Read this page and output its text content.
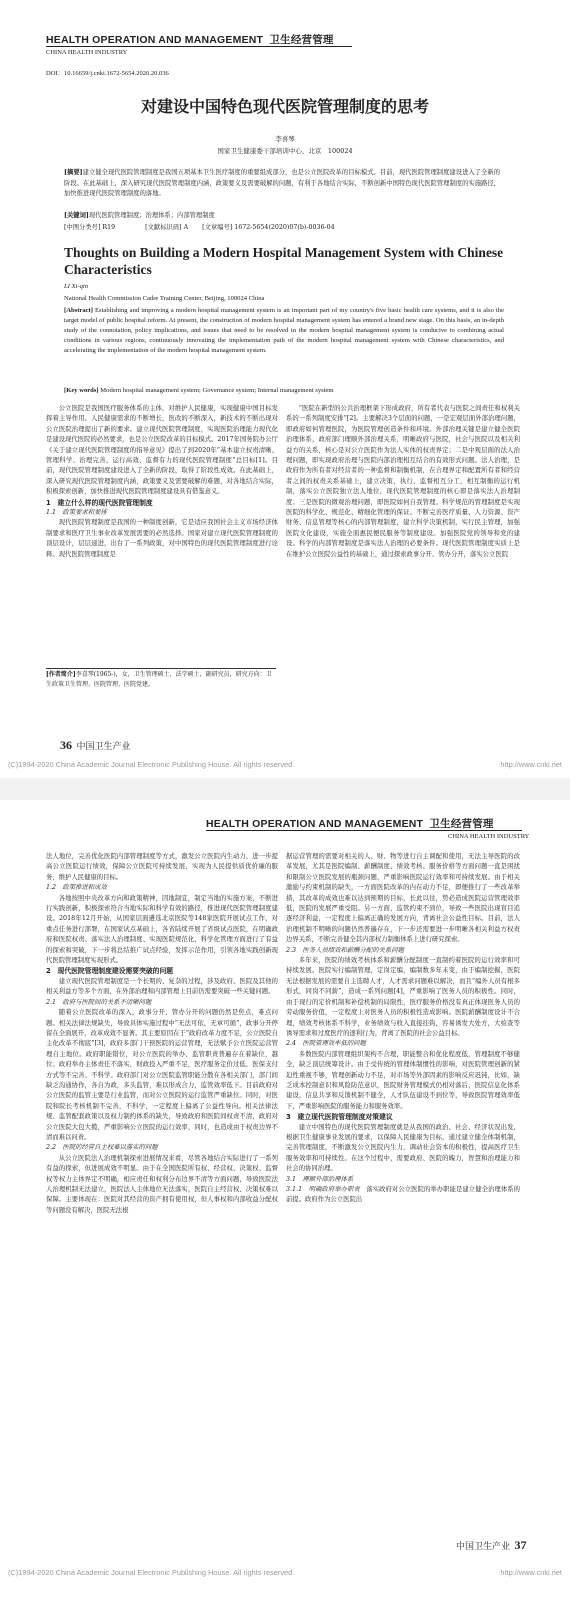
HEALTH OPERATION AND MANAGEMENT 卫生经营管理
CHINA HEALTH INDUSTRY
DOI：10.16659/j.cnki.1672-5654.2020.20.036
对建设中国特色现代医院管理制度的思考
李喜琴
国家卫生健康委干部培训中心，北京　100024
[摘要]建立健全现代医院管理制度是我国五项基本卫生医疗制度的重要组成部分，也是公立医院改革的目标模式。目前，现代医院管理制度建设进入了全新的阶段。在此基础上，深入研究现代医院管理制度内涵，政策要义及需要破解的问题，有利于各地结合实际，不断创新中国特色现代医院管理制度的实施路径，加快推进现代医院管理制度的落地。
[关键词]现代医院管理制度；治理体系；内部管理制度
[中图分类号] R19	[文献标识码] A [文章编号] 1672-5654(2020)07(b)-0036-04
Thoughts on Building a Modern Hospital Management System with Chinese Characteristics
LI Xi-qin
National Health Commission Cadre Training Center, Beijing, 100024 China
[Abstract] Establishing and improving a modern hospital management system is an important part of my country's five basic health care systems, and it is also the target model of public hospital reform. At present, the construction of modern hospital management system has entered a brand new stage. On this basis, an in-depth study of the connotation, policy implications, and issues that need to be resolved in the modern hospital management system is conducive to combining actual conditions in various regions, continuously innovating the implementation path of the modern hospital management system with Chinese characteristics, and accelerating the implementation of the modern hospital management system.
[Key words] Modern hospital management system; Governance system; Internal management system

公立医院是我国医疗服务体系的主体，对维护人民健康，实现健康中国目标发挥着主导作用。人民健康需求的不断增长，医改的不断深入，新技术的不断出现对公立医院治理提出了新的要求。建立现代医院管理制度，实现医院治理能力现代化是建设现代医院的必然要求，也是公立医院改革的目标模式。2017年国务院办公厅《关于建立现代医院管理制度的指导意见》提出了到2020年“基本建立权责清晰、管理科学、治理完善、运行高效、监督有力的现代医院管理制度”总目标[1]。目前，现代医院管理制度建设进入了全新的阶段，取得了阶段性成效。在此基础上，深入研究现代医院管理制度内涵，政策要义及需要破解的难题，对各地结合实际，积极探索创新，加快推进现代医院管理制度建设具有借鉴意义。

1　建立什么样的现代医院管理制度

1.1　政策要求和要排

现代医院管理制度是我国的一种制度创新，它是适应我国社会主义市场经济体制要求和医疗卫生事业改革发展需要的必然选择。国家对建立现代医院管理制度的顶层设计，层层递进，出台了一系列政策，对中国特色的现代医院管理制度进行诠释。现代医院管理制度是

[作者简介]李喜琴(1965-)，女，卫生管理硕士，法学硕士，副研究员，研究方向：卫生政策卫生管理、医院管理、医院党建。

“医院在新型的公共治理框架下形成政府，所有者代表与医院之间责任和权利关系的一系列制度安排”[2]。主要解决3个层面的问题，一是宏观层面外部治理问题，即政府如何管理医院，为医院管理创造条件和环境。外部治理关键是建立健全医院治理体系，政府部门理顺外部治理关系，明晰政府与医院，社会与医院以及相关利益方的关系，核心是对公立医院作为法人实体的权责界定；二是中观层面的法人治理问题，即实现政府治理与医院内部治理相互结合的有效形式问题。法人治理，是政府作为所有者对经营者的一种监督和制衡机制，在合理界定和配置所有者和经营者之间的权责关系基础上，建立决策、执行、监督相互分工，相互制衡的运行机制，落实公立医院独立法人地位，现代医院管理制度的核心即是落实法人治理制度；三是医院的微观治理问题，即医院如何自我管理。科学规范的管理制度是实现医院的科学化、规范化、精细化管理的保证。不断完善医疗质量、人力资源、资产财务、信息管理等核心的内部管理制度，建立科学决策机制，实行民主管理，加强医院文化建设，实施全面惠民便民服务等制度建设。加强医院党的领导和党的建设。科学的内部管理制度是落实法人治理的必要条件。现代医院管理制度实质上是在维护公立医院公益性的基础上，通过探索政事分开、管办分开，落实公立医院

36 中国卫生产业
(C)1994-2020 China Academic Journal Electronic Publishing House. All rights reserved.	http://www.cnki.net
HEALTH OPERATION AND MANAGEMENT 卫生经营管理
CHINA HEALTH INDUSTRY

法人地位，完善优化医院内部管理制度等方式，激发公立医院内生动力，进一步提高公立医院运行绩效，保障公立医院可持续发展，实现为人民提供质优价廉的服务，维护人民健康的目标。

1.2　政策推进和成效

各地按照中央改革方向和政策精神，因地制宜，制定当地的实施方案，不断进行实践创新，积极探索符合当地实际和科学有效的路径，推进现代医院管理制度建设。2018年12月开始，从国家层面遴选北京医院等148家医院开展试点工作，对重点任务进行部署，在国家试点基础上，各省陆续开展了省级试点医院，在明确政府和医院权责、落实法人治理制度、实现医院规范化、科学化管理方面进行了有益的探索和突破，下一步将总结推广试点经验，发挥示范作用，引领各地实践创新现代医院管理制度实现形式。

2　现代医院管理制度建设需要突破的问题

建立现代医院管理制度是一个长期的、复杂的过程，涉及政府、医院及其他的相关利益方等多个方面，在外部治理和内部管理上目前仍需要突破一些关键问题。

2.1　政府与医院间的关系不清晰问题

随着公立医院改革的深入，政事分开、管办分开的问题仍然是焦点，难点问题。相关法律法规缺失，导致具体实施过程中“无法可依，无章可循”，政事分开停留在全面展开，改革成效不显著。其主要原因在于“政府改革力度不足，公立医院自主化改革不彻底”[3]，政府多部门干预医院的运营管理，无法赋予公立医院运营管理自主地位。政府职能错位，对公立医院的举办、监管职责普遍存在着缺位，越位；政府举办主体责任不落实，财政投入严重不足，医疗服务定价过低，医保支付方式等不完善、不科学。政府部门对公立医院监管职能分散在各相关部门，部门间缺乏沟通协作，各自为政，多头监管，难以形成合力，监管效率低下。目前政府对公立医院的监管主要是行业监管，而对公立医院的运行监管严重缺位。同时，对医院和院长考核机制不完善，不科学，一定程度上偏离了公益性导向。相关法律法规、监管配套政策以及权力制约体系的缺失，导致政府和医院间权责不清，政府对公立医院大包大揽，严重影响公立医院的运行效率，同时，也造成由于权责边界不清而难以问责。

2.2　医院的经营自主权难以落实的问题

从公立医院法人治理机制探索进展情况来看，尽管各地结合实际进行了一系列有益的探索，但进展成效不明显。由于在全国医院所有权、经营权、决策权、监督权等权力主体界定不明确，相应责任和权利分布边界不清等方面问题，导致医院法人治理机制无法建立，医院法人主体地位无法落实，医院自主经营权、决策权难以保障。主要体现在：医院对其经营的资产拥有使用权，但人事权和内部收益分配权等问题没有解决，医院无法根

据运营管理的需要对相关的人、财、物等进行自主调配和使用，无法主导医院的改革发展，尤其是医院编制、薪酬制度、绩效考核、服务价格等方面问题一直是困扰和限制公立医院发展的瓶颈问题，严重影响医院运行效率和可持续发展。由于相关激励与约束机制的缺失，一方面医院改革的内在动力不足，即便推行了一些改革举措，其改革的成效也难以达到预期的目标，长此以往，势必造成医院运营管理效率低，医院的发展严重受阻。另一方面，监管约束不到位，导致一些医院出现盲目追逐经济利益，一定程度上偏离正确的发展方向，背离社会公益性目标。目前，法人治理机制不明晰的问题仍然普遍存在，下一步还需要进一步明晰各相关利益方权责边界关系，不断完善健全其内部权力制衡体系上进行研究探索。

2.3　医务人员绩效和薪酬分配的关系问题

多年来，医院的绩效考核体系和薪酬分配制度一直制约着医院的运行效率和可持续发展。医院实行编制管理，定岗定编，编制数多年未变，由于编制挖掘，医院无法根据发展的需要自主选聘人才，人才需求问题难以解决，而且“编外人员有根多形式，同岗不同薪”，造成一系列问题[4]，严重影响了医务人员的积极性。同时，由于现行的定价机制和补偿机制的局限性，医疗服务价格没有真正体现医务人员的劳动服务价值，一定程度上对医务人员的积极性造成影响。医院薪酬制度设计不合理，绩效考核体系不科学，业务绩效与收入直接挂钩，容易诱发大处方，大检查等诱导需求和过度医疗的逐利行为，背离了医院的社会公益目标。

2.4　医院管理效率低的问题

多数医院内部管理组织架构不合理，职能整合和优化程度低，管理制度不够健全，缺乏顶层统筹设计。由于受传统的管理体制惯性的影响，对医院管理创新的紧迫性重视不够，管理创新动力不足，对市场等外部因素的影响反应迟钝，比如，缺乏成本控制意识和风险防范意识，医院财务管理模式仍相对落后，医院信息化体系建设，信息共享和反馈机制不健全，人才队伍建设不到位等，导致医院管理效率低下，严重影响医院的服务能力和服务效率。

3　建立现代医院管理制度对策建议

建立中国特色的现代医院管理制度就是从我国的政治、社会、经济状况出发，根据卫生健康事业发展的要求，以保障人民健康为目标，通过建立健全体制机制，完善管理制度，不断激发公立医院内生力，调动社会资本的积极性，提高医疗卫生服务效率和可持续性。在这个过程中，需要政府、医院的魄力，智慧和治理能力和社会的协同治理。

3.1　理顺外部治理体系

3.1.1　明确政府举办职责　 落实政府对公立医院的举办职能是建立健全治理体系的前提。政府作为公立医院出

中国卫生产业 37
(C)1994-2020 China Academic Journal Electronic Publishing House. All rights reserved.	http://www.cnki.net
